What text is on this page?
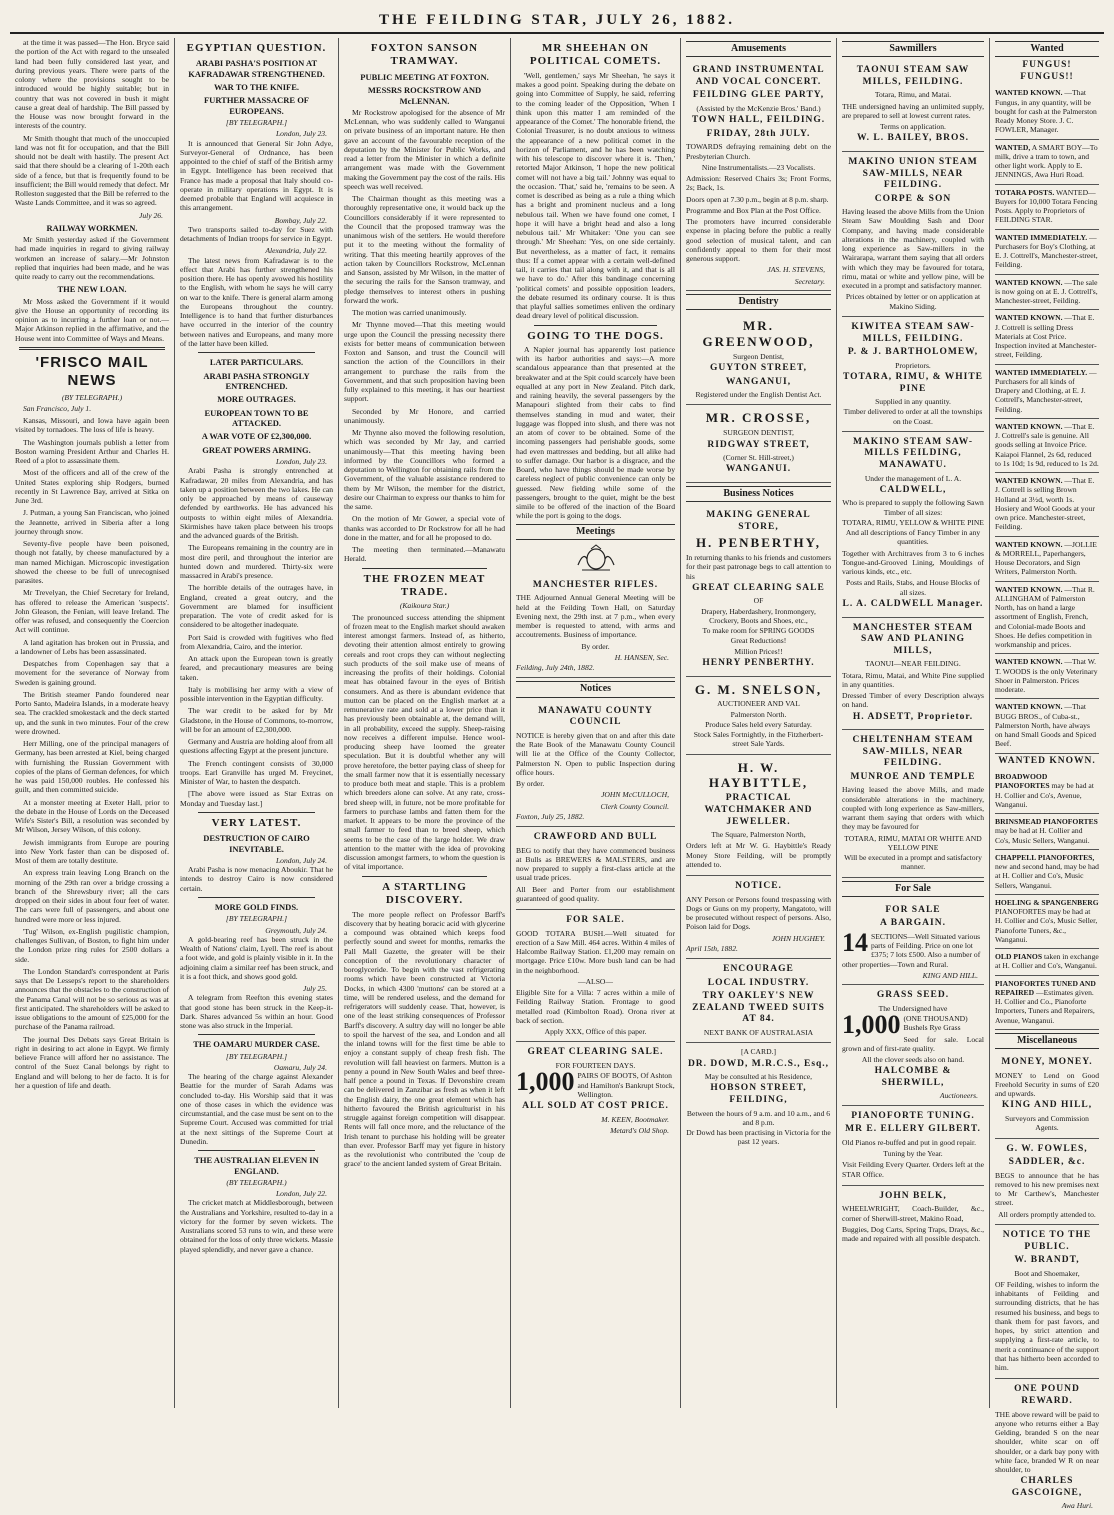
THE FEILDING STAR, JULY 26, 1882.

at the time it was passed—The Hon. Bryce said the portion of the Act with regard to the unsealed land had been fully considered last year, and during previous years. There were parts of the colony where the provisions sought to be introduced would be highly suitable; but in country that was not covered in bush it might cause a great deal of hardship. The Bill passed by the House was now brought forward in the interests of the country.

Mr Smith thought that much of the unoccupied land was not fit for occupation, and that the Bill should not be dealt with hastily. The present Act said that there should be a clearing of 1-20th each side of a fence, but that is frequently found to be insufficient; the Bill would remedy that defect. Mr Rolleston suggested that the Bill be referred to the Waste Lands Committee, and it was so agreed.

July 26.
RAILWAY WORKMEN.

Mr Smith yesterday asked if the Government had made inquiries in regard to giving railway workmen an increase of salary.—Mr Johnston replied that inquiries had been made, and he was quite ready to carry out the recommendations.

THE NEW LOAN.

Mr Moss asked the Government if it would give the House an opportunity of recording its opinion as to incurring a further loan or not.—Major Atkinson replied in the affirmative, and the House went into Committee of Ways and Means.

'FRISCO MAIL NEWS
(BY TELEGRAPH.)

San Francisco, July 1.

Kansas, Missouri, and Iowa have again been visited by tornadoes. The loss of life is heavy.

The Washington journals publish a letter from Boston warning President Arthur and Charles H. Reed of a plot to assassinate them.

Most of the officers and all of the crew of the United States exploring ship Rodgers, burned recently in St Lawrence Bay, arrived at Sitka on June 3rd.

J. Putman, a young San Franciscan, who joined the Jeannette, arrived in Siberia after a long journey through snow.

Seventy-five people have been poisoned, though not fatally, by cheese manufactured by a man named Michigan. Microscopic investigation showed the cheese to be full of unrecognised parasites.

Mr Trevelyan, the Chief Secretary for Ireland, has offered to release the American 'suspects'. John Gleason, the Fenian, will leave Ireland. The offer was refused, and consequently the Coercion Act will continue.

A land agitation has broken out in Prussia, and a landowner of Lebs has been assassinated.

Despatches from Copenhagen say that a movement for the severance of Norway from Sweden is gaining ground.

The British steamer Pando foundered near Porto Santo, Madeira Islands, in a moderate heavy sea. The crackled smokestack and the deck started up, and the sunk in two minutes. Four of the crew were drowned.

Herr Milling, one of the principal managers of Germany, has been arrested at Kiel, being charged with furnishing the Russian Government with copies of the plans of German defences, for which he was paid 150,000 roubles. He confessed his guilt, and then committed suicide.

At a monster meeting at Exeter Hall, prior to the debate in the House of Lords on the Deceased Wife's Sister's Bill, a resolution was seconded by Mr Wilson, Jersey Wilson, of this colony.

Jewish immigrants from Europe are pouring into New York faster than can be disposed of. Most of them are totally destitute.

An express train leaving Long Branch on the morning of the 29th ran over a bridge crossing a branch of the Shrewsbury river; all the cars dropped on their sides in about four feet of water. The cars were full of passengers, and about one hundred were more or less injured.

'Tug' Wilson, ex-English pugilistic champion, challenges Sullivan, of Boston, to fight him under the London prize ring rules for 2500 dollars a side.

The London Standard's correspondent at Paris says that De Lesseps's report to the shareholders announces that the obstacles to the construction of the Panama Canal will not be so serious as was at first anticipated. The shareholders will be asked to issue obligations to the amount of £25,000 for the purchase of the Panama railroad.

The journal Des Debats says Great Britain is right in desiring to act alone in Egypt. We firmly believe France will afford her no assistance. The control of the Suez Canal belongs by right to England and will belong to her de facto. It is for her a question of life and death.

EGYPTIAN QUESTION.
ARABI PASHA'S POSITION AT KAFRADAWAR STRENGTHENED.
WAR TO THE KNIFE.
FURTHER MASSACRE OF EUROPEANS.
[BY TELEGRAPH.]
London, July 23.

It is announced that General Sir John Adye, Surveyor-General of Ordnance, has been appointed to the chief of staff of the British army in Egypt. Intelligence has been received that France has made a proposal that Italy should co-operate in military operations in Egypt. It is deemed probable that England will acquiesce in this arrangement.

Bombay, July 22.

Two transports sailed to-day for Suez with detachments of Indian troops for service in Egypt.

Alexandria, July 22.

The latest news from Kafradawar is to the effect that Arabi has further strengthened his position there. He has openly avowed his hostility to the English, with whom he says he will carry on war to the knife. There is general alarm among the Europeans throughout the country. Intelligence is to hand that further disturbances have occurred in the interior of the country between natives and Europeans, and many more of the latter have been killed.

LATER PARTICULARS.
ARABI PASHA STRONGLY ENTRENCHED.
MORE OUTRAGES.
EUROPEAN TOWN TO BE ATTACKED.
A WAR VOTE OF £2,300,000.
GREAT POWERS ARMING.
London, July 23.

Arabi Pasha is strongly entrenched at Kafradawar, 20 miles from Alexandria, and has taken up a position between the two lakes. He can only be approached by means of causeway defended by earthworks. He has advanced his outposts to within eight miles of Alexandria. Skirmishes have taken place between his troops and the advanced guards of the British.

The Europeans remaining in the country are in most dire peril, and throughout the interior are hunted down and murdered. Thirty-six were massacred in Arabi's presence.

The horrible details of the outrages have, in England, created a great outcry, and the Government are blamed for insufficient preparation. The vote of credit asked for is considered to be altogether inadequate.

Port Said is crowded with fugitives who fled from Alexandria, Cairo, and the interior.

An attack upon the European town is greatly feared, and precautionary measures are being taken.

Italy is mobilising her army with a view of possible intervention in the Egyptian difficulty.

The war credit to be asked for by Mr Gladstone, in the House of Commons, to-morrow, will be for an amount of £2,300,000.

Germany and Austria are holding aloof from all questions affecting Egypt at the present juncture.

The French contingent consists of 30,000 troops. Earl Granville has urged M. Freycinet, Minister of War, to hasten the despatch.

[The above were issued as Star Extras on Monday and Tuesday last.]

VERY LATEST.
DESTRUCTION OF CAIRO INEVITABLE.
London, July 24.

Arabi Pasha is now menacing Aboukir. That he intends to destroy Cairo is now considered certain.

MORE GOLD FINDS.
[BY TELEGRAPH.]
Greymouth, July 24.

A gold-bearing reef has been struck in the Wealth of Nations' claim, Lyell. The reef is about a foot wide, and gold is plainly visible in it. In the adjoining claim a similar reef has been struck, and it is a foot thick, and shows good gold.

July 25.

A telegram from Reefton this evening states that good stone has been struck in the Keep-it-Dark. Shares advanced 5s within an hour. Good stone was also struck in the Imperial.

THE OAMARU MURDER CASE.
[BY TELEGRAPH.]
Oamaru, July 24.

The hearing of the charge against Alexander Beattie for the murder of Sarah Adams was concluded to-day. His Worship said that it was one of those cases in which the evidence was circumstantial, and the case must be sent on to the Supreme Court. Accused was committed for trial at the next sittings of the Supreme Court at Dunedin.

THE AUSTRALIAN ELEVEN IN ENGLAND.
(BY TELEGRAPH.)
London, July 22.

The cricket match at Middlesborough, between the Australians and Yorkshire, resulted to-day in a victory for the former by seven wickets. The Australians scored 53 runs to win, and these were obtained for the loss of only three wickets. Massie played splendidly, and never gave a chance.

FOXTON SANSON TRAMWAY.
PUBLIC MEETING AT FOXTON.
MESSRS ROCKSTROW AND McLENNAN.

Mr Rockstrow apologised for the absence of Mr McLennan, who was suddenly called to Wanganui on private business of an important nature. He then gave an account of the favourable reception of the deputation by the Minister for Public Works, and read a letter from the Minister in which a definite arrangement was made with the Government making the Government pay the cost of the rails. His speech was well received.

The Chairman thought as this meeting was a thoroughly representative one, it would back up the Councillors considerably if it were represented to the Council that the proposed tramway was the unanimous wish of the settlers. He would therefore put it to the meeting without the formality of writing. That this meeting heartily approves of the action taken by Councillors Rockstrow, McLennan and Sanson, assisted by Mr Wilson, in the matter of the securing the rails for the Sanson tramway, and pledge themselves to interest others in pushing forward the work.

The motion was carried unanimously.

Mr Thynne moved—That this meeting would urge upon the Council the pressing necessity there exists for better means of communication between Foxton and Sanson, and trust the Council will sanction the action of the Councillors in their arrangement to purchase the rails from the Government, and that such proposition having been fully explained to this meeting, it has our heartiest support.

Seconded by Mr Honore, and carried unanimously.

Mr Thynne also moved the following resolution, which was seconded by Mr Jay, and carried unanimously—That this meeting having been informed by the Councillors who formed a deputation to Wellington for obtaining rails from the Government, of the valuable assistance rendered to them by Mr Wilson, the member for the district, desire our Chairman to express our thanks to him for the same.

On the motion of Mr Gower, a special vote of thanks was accorded to Dr Rockstrow for all he had done in the matter, and for all he proposed to do.

The meeting then terminated.—Manawatu Herald.

THE FROZEN MEAT TRADE.
(Kaikoura Star.)

The pronounced success attending the shipment of frozen meat to the English market should awaken interest amongst farmers. Instead of, as hitherto, devoting their attention almost entirely to growing cereals and root crops they can without neglecting such products of the soil make use of means of increasing the profits of their holdings. Colonial meat has obtained favour in the eyes of British consumers. And as there is abundant evidence that mutton can be placed on the English market at a remunerative rate and sold at a lower price than it has previously been obtainable at, the demand will, in all probability, exceed the supply. Sheep-raising now receives a different impulse. Hence wool-producing sheep have loomed the greater speculation. But it is doubtful whether any will prove heretofore, the better paying class of sheep for the small farmer now that it is essentially necessary to produce both meat and staple. This is a problem which breeders alone can solve. At any rate, cross-bred sheep will, in future, not be more profitable for farmers to purchase lambs and fatten them for the market. It appears to be more the province of the small farmer to feed than to breed sheep, which seems to be the case of the large holder. We draw attention to the matter with the idea of provoking discussion amongst farmers, to whom the question is of vital importance.

A STARTLING DISCOVERY.

The more people reflect on Professor Barff's discovery that by heating boracic acid with glycerine a compound was obtained which keeps food perfectly sound and sweet for months, remarks the Pall Mall Gazette, the greater will be their conception of the revolutionary character of boroglyceride. To begin with the vast refrigerating rooms which have been constructed at Victoria Docks, in which 4300 'muttons' can be stored at a time, will be rendered useless, and the demand for refrigerators will suddenly cease. That, however, is one of the least striking consequences of Professor Barff's discovery. A sultry day will no longer be able to spoil the harvest of the sea, and London and all the inland towns will for the first time be able to enjoy a constant supply of cheap fresh fish. The revolution will fall heaviest on farmers. Mutton is a penny a pound in New South Wales and beef three-half pence a pound in Texas. If Devonshire cream can be delivered in Zanzibar as fresh as when it left the English dairy, the one great element which has hitherto favoured the British agriculturist in his struggle against foreign competition will disappear. Rents will fall once more, and the reluctance of the Irish tenant to purchase his holding will be greater than ever. Professor Barff may yet figure in history as the revolutionist who contributed the 'coup de grace' to the ancient landed system of Great Britain.

MR SHEEHAN ON POLITICAL COMETS.

'Well, gentlemen,' says Mr Sheehan, 'he says it makes a good point. Speaking during the debate on going into Committee of Supply, he said, referring to the coming leader of the Opposition, 'When I think upon this matter I am reminded of the appearance of the Comet.' The honorable friend, the Colonial Treasurer, is no doubt anxious to witness the appearance of a new political comet in the horizon of Parliament, and he has been watching with his telescope to discover where it is. 'Then,' retorted Major Atkinson, 'I hope the new political comet will not have a big tail.' Johnny was equal to the occasion. 'That,' said he, 'remains to be seen. A comet is described as being as a rule a thing which has a bright and prominent nucleus and a long nebulous tail. When we have found one comet, I hope it will have a bright head and also a long nebulous tail.' Mr Whitaker: 'One you can see through.' Mr Sheehan: 'Yes, on one side certainly. But nevertheless, as a matter of fact, it remains thus: If a comet appear with a certain well-defined tail, it carries that tail along with it, and that is all we have to do.' After this bandinage concerning 'political comets' and possible opposition leaders, the debate resumed its ordinary course. It is thus that playful sallies sometimes enliven the ordinary dead dreary level of political discussion.

GOING TO THE DOGS.

A Napier journal has apparently lost patience with its harbor authorities and says:—A more scandalous appearance than that presented at the breakwater and at the Spit could scarcely have been equalled at any port in New Zealand. Pitch dark, and raining heavily, the several passengers by the Manapouri slighted from their cabs to find themselves standing in mud and water, their luggage was flopped into slush, and there was not an atom of cover to be obtained. Some of the incoming passengers had perishable goods, some had even mattresses and bedding, but all alike had to suffer damage. Our harbor is a disgrace, and the Board, who have things should be made worse by careless neglect of public convenience can only be guessed. New fielding while some of the passengers, brought to the quiet, might be the best simile to be offered of the inaction of the Board while the port is going to the dogs.

Meetings
MANCHESTER RIFLES.
THE Adjourned Annual General Meeting will be held at the Feilding Town Hall, on Saturday Evening next, the 29th inst. at 7 p.m., when every member is requested to attend, with arms and accoutrements. Business of importance.
By order.
H. HANSEN, Sec.
Feilding, July 24th, 1882.
Notices
MANAWATU COUNTY COUNCIL
NOTICE is hereby given that on and after this date the Rate Book of the Manawatu County Council will lie at the Office of the County Collector, Palmerston N. Open to public Inspection during office hours.
By order.
JOHN McCULLOCH,
Clerk County Council.
Foxton, July 25, 1882.
CRAWFORD AND BULL
BEG to notify that they have commenced business at Bulls as BREWERS & MALSTERS, and are now prepared to supply a first-class article at the usual trade prices.
All Beer and Porter from our establishment guaranteed of good quality.
FOR SALE.
GOOD TOTARA BUSH.—Well situated for erection of a Saw Mill. 464 acres. Within 4 miles of Halcombe Railway Station. £1,200 may remain on mortgage. Price £10w. More bush land can be had in the neighborhood.
—ALSO—
Eligible Site for a Villa: 7 acres within a mile of Feilding Railway Station. Frontage to good metalled road (Kimbolton Road). Orona river at back of section.
Apply XXX, Office of this paper.
GREAT CLEARING SALE.
FOR FOURTEEN DAYS.
1,000 PAIRS OF BOOTS, Of Ashton and Hamilton's Bankrupt Stock, Wellington.
ALL SOLD AT COST PRICE.
M. KEEN, Bootmaker.
Metard's Old Shop.
Amusements
GRAND INSTRUMENTAL AND VOCAL CONCERT.
FEILDING GLEE PARTY,
(Assisted by the McKenzie Bros.' Band.)
TOWN HALL, FEILDING.
FRIDAY, 28th JULY.
TOWARDS defraying remaining debt on the Presbyterian Church.
Nine Instrumentalists.—23 Vocalists.
Admission: Reserved Chairs 3s; Front Forms, 2s; Back, 1s.
Doors open at 7.30 p.m., begin at 8 p.m. sharp.
Programme and Box Plan at the Post Office.
The promoters have incurred considerable expense in placing before the public a really good selection of musical talent, and can confidently appeal to them for their most generous support.
JAS. H. STEVENS,
Secretary.
Dentistry
MR. GREENWOOD,
Surgeon Dentist,
GUYTON STREET,
WANGANUI,
Registered under the English Dentist Act.
MR. CROSSE,
SURGEON DENTIST,
RIDGWAY STREET,
(Corner St. Hill-street,)
WANGANUI.
Business Notices
MAKING GENERAL STORE,
H. PENBERTHY,
In returning thanks to his friends and customers for their past patronage begs to call attention to his
GREAT CLEARING SALE
OF
Drapery, Haberdashery, Ironmongery, Crockery, Boots and Shoes, etc.,
To make room for SPRING GOODS
Great Reductions!
Million Prices!!
HENRY PENBERTHY.
G. M. SNELSON,
AUCTIONEER AND VAL
Palmerston North.
Produce Sales held every Saturday.
Stock Sales Fortnightly, in the Fitzherbert-street Sale Yards.
H. W. HAYBITTLE,
PRACTICAL WATCHMAKER AND JEWELLER.
The Square, Palmerston North,
Orders left at Mr W. G. Haybittle's Ready Money Store Feilding, will be promptly attended to.
NOTICE.
ANY Person or Persons found trespassing with Dogs or Guns on my property, Mangatoto, will be prosecuted without respect of persons. Also, Poison laid for Dogs.
JOHN HUGHEY.
April 15th, 1882.
ENCOURAGE
LOCAL INDUSTRY.
TRY OAKLEY'S NEW ZEALAND TWEED SUITS AT 84.
NEXT BANK OF AUSTRALASIA
[A CARD.]
DR. DOWD, M.R.C.S., Esq.,
May be consulted at his Residence,
HOBSON STREET, FEILDING,
Between the hours of 9 a.m. and 10 a.m., and 6 and 8 p.m.
Dr Dowd has been practising in Victoria for the past 12 years.
Sawmillers
TAONUI STEAM SAW MILLS, FEILDING.
Totara, Rimu, and Matai.
THE undersigned having an unlimited supply, are prepared to sell at lowest current rates.
Terms on application.
W. L. BAILEY, BROS.
MAKINO UNION STEAM SAW-MILLS, NEAR FEILDING.
CORPE & SON
Having leased the above Mills from the Union Steam Saw Moulding Sash and Door Company, and having made considerable alterations in the machinery, coupled with long experience as Saw-millers in the Wairarapa, warrant them saying that all orders with which they may be favoured for totara, rimu, matai or white and yellow pine, will be executed in a prompt and satisfactory manner.
Prices obtained by letter or on application at Makino Siding.
KIWITEA STEAM SAW-MILLS, FEILDING.
P. & J. BARTHOLOMEW,
Proprietors.
TOTARA, RIMU, & WHITE PINE
Supplied in any quantity.
Timber delivered to order at all the townships on the Coast.
MAKINO STEAM SAW-MILLS FEILDING, MANAWATU.
Under the management of L. A.
CALDWELL,
Who is prepared to supply the following Sawn Timber of all sizes:
TOTARA, RIMU, YELLOW & WHITE PINE
And all descriptions of Fancy Timber in any quantities.
Together with Architraves from 3 to 6 inches Tongue-and-Grooved Lining, Mouldings of various kinds, etc., etc.
Posts and Rails, Stabs, and House Blocks of all sizes.
L. A. CALDWELL Manager.
MANCHESTER STEAM SAW AND PLANING MILLS,
TAONUI—NEAR FEILDING.
Totara, Rimu, Matai, and White Pine supplied in any quantities.
Dressed Timber of every Description always on hand.
H. ADSETT, Proprietor.
CHELTENHAM STEAM SAW-MILLS, NEAR FEILDING.
MUNROE AND TEMPLE
Having leased the above Mills, and made considerable alterations in the machinery, coupled with long experience as Saw-millers, warrant them saying that orders with which they may be favoured for
TOTARA, RIMU, MATAI OR WHITE AND YELLOW PINE
Will be executed in a prompt and satisfactory manner.
For Sale
FOR SALE
A BARGAIN.
14 SECTIONS—Well Situated various parts of Feilding. Price on one lot £375; 7 lots £500. Also a number of other properties—Town and Rural.
KING AND HILL.
GRASS SEED.
The Undersigned have
1,000 (ONE THOUSAND) Bushels Rye Grass
Seed for sale. Local grown and of first-rate quality.
All the clover seeds also on hand.
HALCOMBE & SHERWILL,
Auctioneers.
PIANOFORTE TUNING.
MR E. ELLERY GILBERT.
Old Pianos re-buffed and put in good repair.
Tuning by the Year.
Visit Feilding Every Quarter. Orders left at the STAR Office.
JOHN BELK,
WHEELWRIGHT, Coach-Builder, &c., corner of Sherwill-street, Makino Road,
Buggies, Dog Carts, Spring Traps, Drays, &c., made and repaired with all possible despatch.
Wanted
FUNGUS! FUNGUS!!
WANTED KNOWN. —That Fungus, in any quantity, will be bought for cash at the Palmerston Ready Money Store. J. C. FOWLER, Manager.
WANTED, A SMART BOY—To milk, drive a tram to town, and other light work. Apply to E. JENNINGS, Awa Huri Road.
TOTARA POSTS. WANTED—Buyers for 10,000 Totara Fencing Posts. Apply to Proprietors of FEILDING STAR.
WANTED IMMEDIATELY. —Purchasers for Boy's Clothing, at E. J. Cottrell's, Manchester-street, Feilding.
WANTED KNOWN. —The sale is now going on at E. J. Cottrell's, Manchester-street, Feilding.
WANTED KNOWN. —That E. J. Cottrell is selling Dress Materials at Cost Price. Inspection invited at Manchester-street, Feilding.
WANTED IMMEDIATELY. —Purchasers for all kinds of Drapery and Clothing, at E. J. Cottrell's, Manchester-street, Feilding.
WANTED KNOWN. —That E. J. Cottrell's sale is genuine. All goods selling at Invoice Price. Kaiapoi Flannel, 2s 6d, reduced to 1s 10d; 1s 9d, reduced to 1s 2d.
WANTED KNOWN. —That E. J. Cottrell is selling Brown Holland at 3½d, worth 1s. Hosiery and Wool Goods at your own price. Manchester-street, Feilding.
WANTED KNOWN. —JOLLIE & MORRELL, Paperhangers, House Decorators, and Sign Writers, Palmerston North.
WANTED KNOWN. —That R. ALLINGHAM of Palmerston North, has on hand a large assortment of English, French, and Colonial-made Boots and Shoes. He defies competition in workmanship and prices.
WANTED KNOWN. —That W. T. WOODS is the only Veterinary Shoer in Palmerston. Prices moderate.
WANTED KNOWN. —That BUGG BROS., of Cuba-st., Palmerston North, have always on hand Small Goods and Spiced Beef.
WANTED KNOWN.
BROADWOOD PIANOFORTES may be had at H. Collier and Co's, Avenue, Wanganui.
BRINSMEAD PIANOFORTES may be had at H. Collier and Co's, Music Sellers, Wanganui.
CHAPPELL PIANOFORTES, new and second hand, may be had at H. Collier and Co's, Music Sellers, Wanganui.
HOELING & SPANGENBERG PIANOFORTES may be had at H. Collier and Co's, Music Seller, Pianoforte Tuners, &c., Wanganui.
OLD PIANOS taken in exchange at H. Collier and Co's, Wanganui.
PIANOFORTES TUNED AND REPAIRED —Estimates given. H. Collier and Co., Pianoforte Importers, Tuners and Repairers, Avenue, Wanganui.
Miscellaneous
MONEY, MONEY.
MONEY to Lend on Good Freehold Security in sums of £20 and upwards.
KING AND HILL,
Surveyors and Commission Agents.
G. W. FOWLES,
SADDLER, &c.
BEGS to announce that he has removed to his new premises next to Mr Carthew's, Manchester street.
All orders promptly attended to.
NOTICE TO THE PUBLIC.
W. BRANDT,
Boot and Shoemaker,
OF Feilding, wishes to inform the inhabitants of Feilding and surrounding districts, that he has resumed his business, and begs to thank them for past favors, and hopes, by strict attention and supplying a first-rate article, to merit a continuance of the support that has hitherto been accorded to him.
ONE POUND REWARD.
THE above reward will be paid to anyone who returns either a Bay Gelding, branded S on the near shoulder, white scar on off shoulder, or a dark bay pony with white face, branded W R on near shoulder, to
CHARLES GASCOIGNE,
Awa Huri.
